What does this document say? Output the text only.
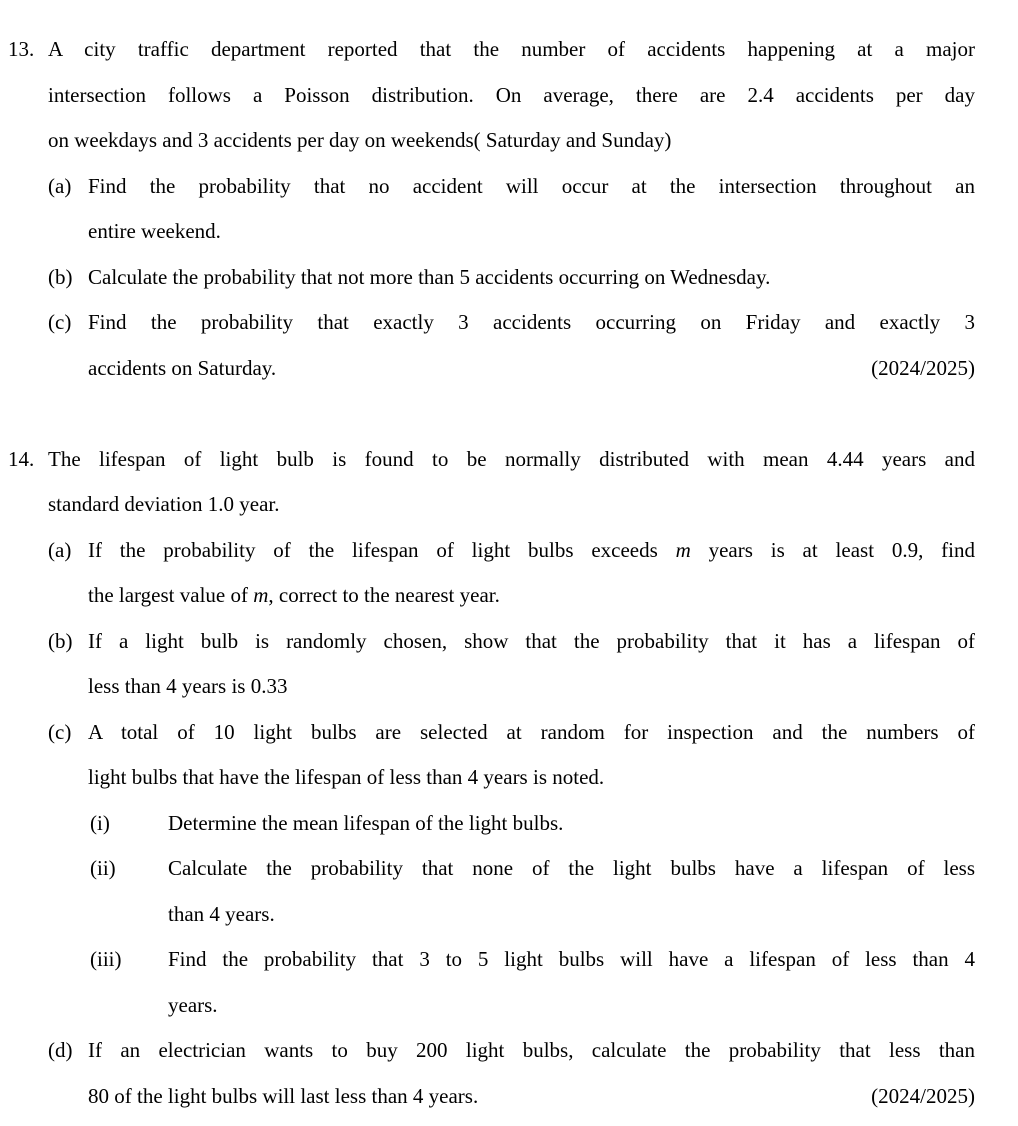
13. A city traffic department reported that the number of accidents happening at a major
intersection follows a Poisson distribution. On average, there are 2.4 accidents per day
on weekdays and 3 accidents per day on weekends( Saturday and Sunday)
(a) Find the probability that no accident will occur at the intersection throughout an
entire weekend.
(b) Calculate the probability that not more than 5 accidents occurring on Wednesday.
(c) Find the probability that exactly 3 accidents occurring on Friday and exactly 3
accidents on Saturday.	(2024/2025)
14. The lifespan of light bulb is found to be normally distributed with mean 4.44 years and
standard deviation 1.0 year.
(a) If the probability of the lifespan of light bulbs exceeds m years is at least 0.9, find
the largest value of m, correct to the nearest year.
(b) If a light bulb is randomly chosen, show that the probability that it has a lifespan of
less than 4 years is 0.33
(c) A total of 10 light bulbs are selected at random for inspection and the numbers of
light bulbs that have the lifespan of less than 4 years is noted.
(i)	Determine the mean lifespan of the light bulbs.
(ii) Calculate the probability that none of the light bulbs have a lifespan of less
than 4 years.
(iii) Find the probability that 3 to 5 light bulbs will have a lifespan of less than 4
years.
(d) If an electrician wants to buy 200 light bulbs, calculate the probability that less than
80 of the light bulbs will last less than 4 years.	(2024/2025)
